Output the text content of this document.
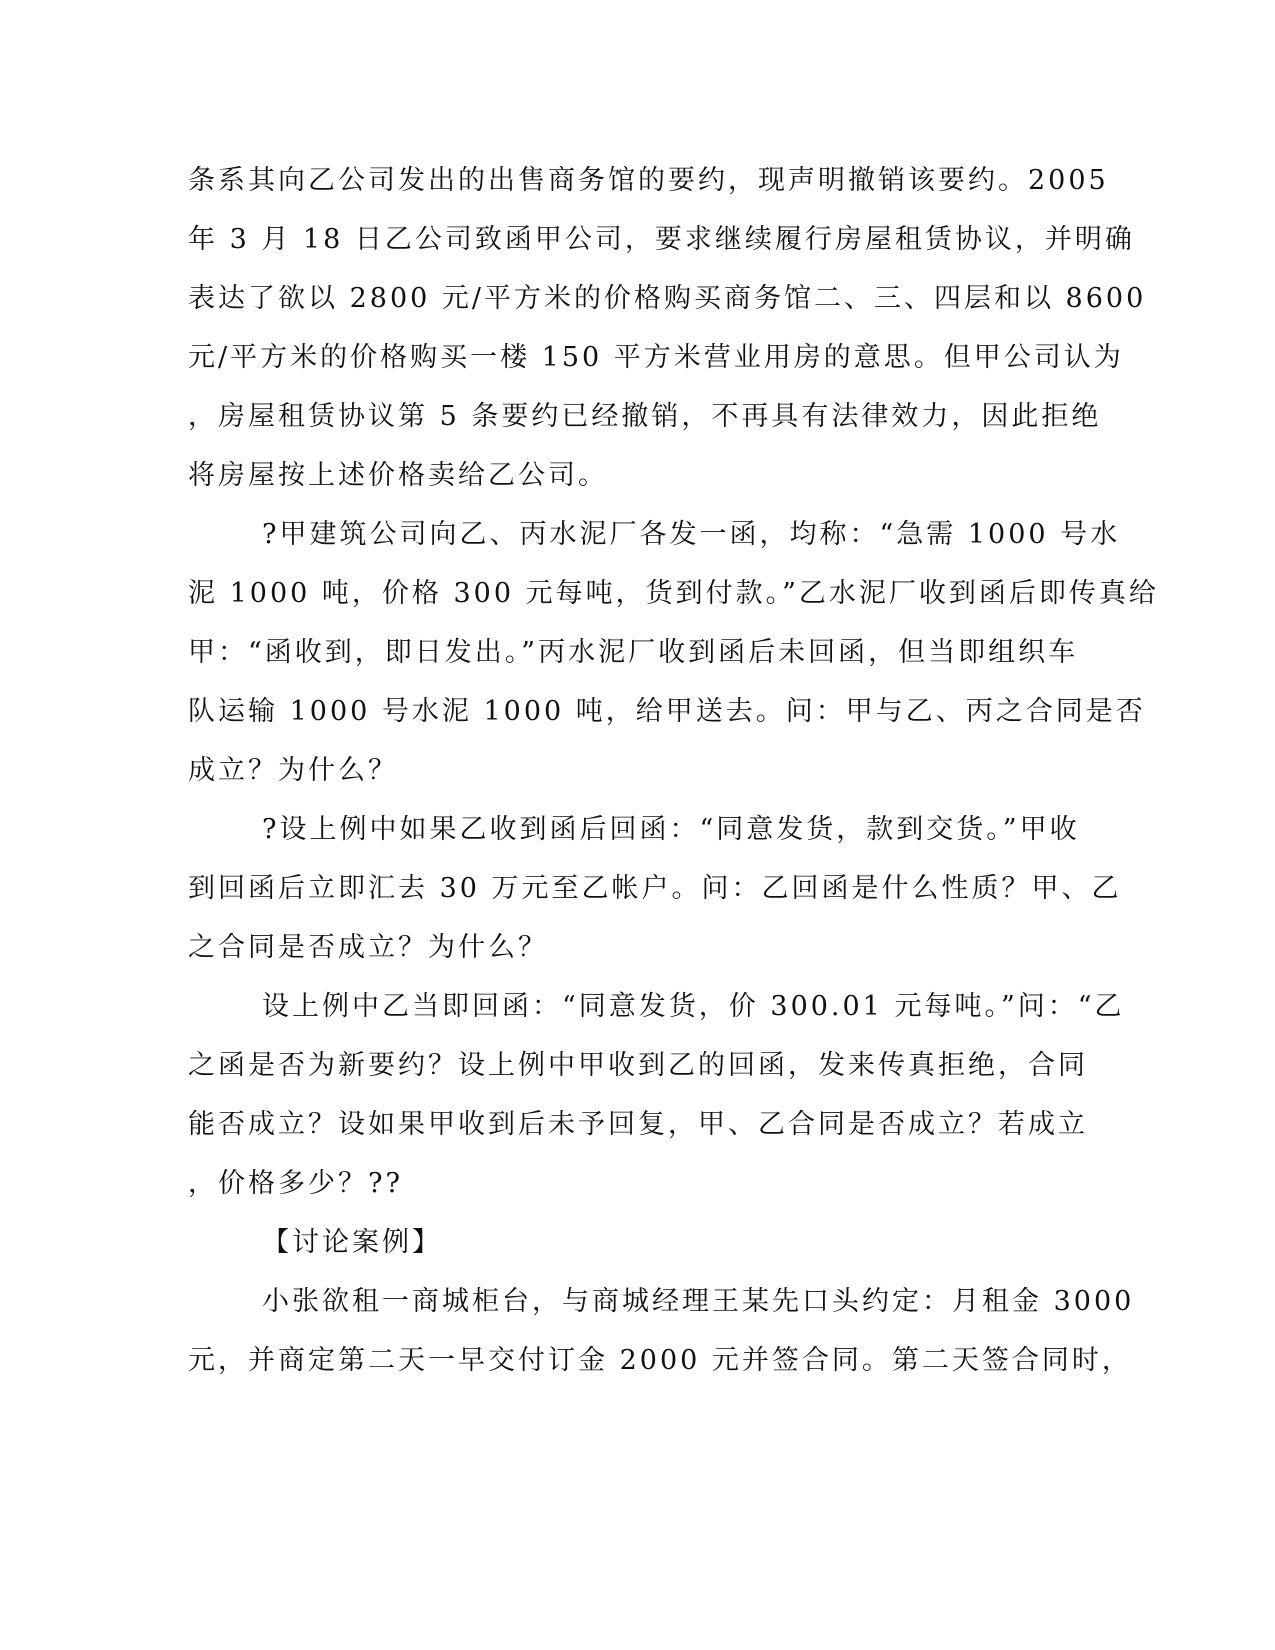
条系其向乙公司发出的出售商务馆的要约，现声明撤销该要约。2005
年 3 月 18 日乙公司致函甲公司，要求继续履行房屋租赁协议，并明确
表达了欲以 2800 元/平方米的价格购买商务馆二、三、四层和以 8600
元/平方米的价格购买一楼 150 平方米营业用房的意思。但甲公司认为
，房屋租赁协议第 5 条要约已经撤销，不再具有法律效力，因此拒绝
将房屋按上述价格卖给乙公司。
?甲建筑公司向乙、丙水泥厂各发一函，均称：“急需 1000 号水
泥 1000 吨，价格 300 元每吨，货到付款。”乙水泥厂收到函后即传真给
甲：“函收到，即日发出。”丙水泥厂收到函后未回函，但当即组织车
队运输 1000 号水泥 1000 吨，给甲送去。问：甲与乙、丙之合同是否
成立？为什么？
?设上例中如果乙收到函后回函：“同意发货，款到交货。”甲收
到回函后立即汇去 30 万元至乙帐户。问：乙回函是什么性质？甲、乙
之合同是否成立？为什么？
设上例中乙当即回函：“同意发货，价 300.01 元每吨。”问：“乙
之函是否为新要约？设上例中甲收到乙的回函，发来传真拒绝，合同
能否成立？设如果甲收到后未予回复，甲、乙合同是否成立？若成立
，价格多少？??
【讨论案例】
小张欲租一商城柜台，与商城经理王某先口头约定：月租金 3000
元，并商定第二天一早交付订金 2000 元并签合同。第二天签合同时，
